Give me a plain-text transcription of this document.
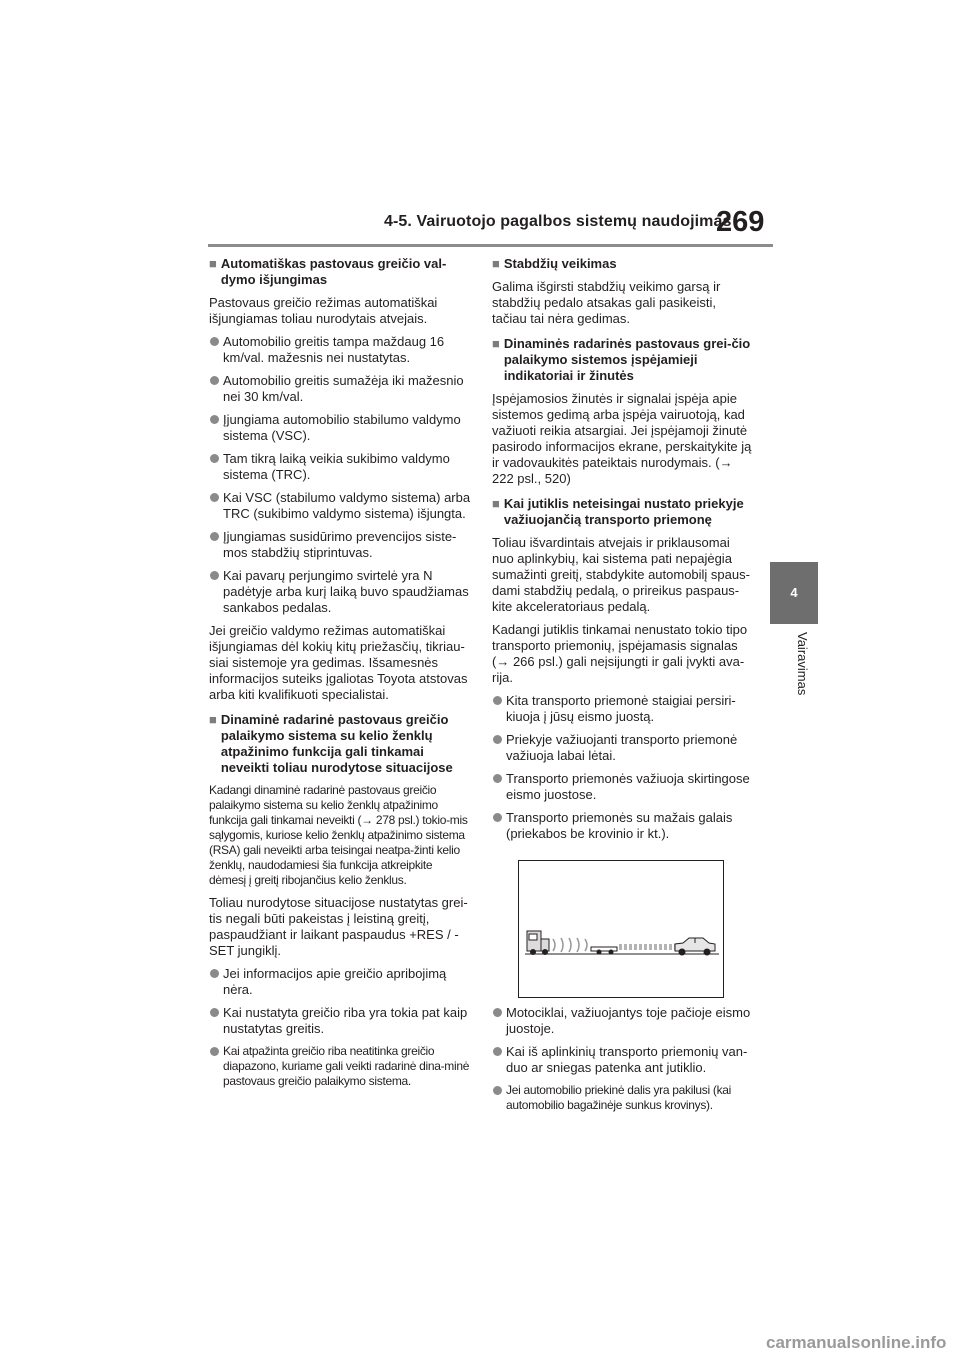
4-5. Vairuotojo pagalbos sistemų naudojimas
269
4
Vairavimas
■ Automatiškas pastovaus greičio val-dymo išjungimas
Pastovaus greičio režimas automatiškai išjungiamas toliau nurodytais atvejais.
Automobilio greitis tampa maždaug 16 km/val. mažesnis nei nustatytas.
Automobilio greitis sumažėja iki mažesnio nei 30 km/val.
Įjungiama automobilio stabilumo valdymo sistema (VSC).
Tam tikrą laiką veikia sukibimo valdymo sistema (TRC).
Kai VSC (stabilumo valdymo sistema) arba TRC (sukibimo valdymo sistema) išjungta.
Įjungiamas susidūrimo prevencijos siste-mos stabdžių stiprintuvas.
Kai pavarų perjungimo svirtelė yra N padėtyje arba kurį laiką buvo spaudžiamas sankabos pedalas.
Jei greičio valdymo režimas automatiškai išjungiamas dėl kokių kitų priežasčių, tikriau-siai sistemoje yra gedimas. Išsamesnės informacijos suteiks įgaliotas Toyota atstovas arba kiti kvalifikuoti specialistai.
■ Dinaminė radarinė pastovaus greičio palaikymo sistema su kelio ženklų atpažinimo funkcija gali tinkamai neveikti toliau nurodytose situacijose
Kadangi dinaminė radarinė pastovaus greičio palaikymo sistema su kelio ženklų atpažinimo funkcija gali tinkamai neveikti (→ 278 psl.) tokio-mis sąlygomis, kuriose kelio ženklų atpažinimo sistema (RSA) gali neveikti arba teisingai neatpa-žinti kelio ženklų, naudodamiesi šia funkcija atkreipkite dėmesį į greitį ribojančius kelio ženklus.
Toliau nurodytose situacijose nustatytas grei-tis negali būti pakeistas į leistiną greitį, paspaudžiant ir laikant paspaudus +RES / -SET jungiklį.
Jei informacijos apie greičio apribojimą nėra.
Kai nustatyta greičio riba yra tokia pat kaip nustatytas greitis.
Kai atpažinta greičio riba neatitinka greičio diapazono, kuriame gali veikti radarinė dina-minė pastovaus greičio palaikymo sistema.
■ Stabdžių veikimas
Galima išgirsti stabdžių veikimo garsą ir stabdžių pedalo atsakas gali pasikeisti, tačiau tai nėra gedimas.
■ Dinaminės radarinės pastovaus grei-čio palaikymo sistemos įspėjamieji indikatoriai ir žinutės
Įspėjamosios žinutės ir signalai įspėja apie sistemos gedimą arba įspėja vairuotoją, kad važiuoti reikia atsargiai. Jei įspėjamoji žinutė pasirodo informacijos ekrane, perskaitykite ją ir vadovaukitės pateiktais nurodymais. (→ 222 psl., 520)
■ Kai jutiklis neteisingai nustato priekyje važiuojančią transporto priemonę
Toliau išvardintais atvejais ir priklausomai nuo aplinkybių, kai sistema pati nepajėgia sumažinti greitį, stabdykite automobilį spaus-dami stabdžių pedalą, o prireikus paspaus-kite akceleratoriaus pedalą.
Kadangi jutiklis tinkamai nenustato tokio tipo transporto priemonių, įspėjamasis signalas (→ 266 psl.) gali neįsijungti ir gali įvykti ava-rija.
Kita transporto priemonė staigiai persiri-kiuoja į jūsų eismo juostą.
Priekyje važiuojanti transporto priemonė važiuoja labai lėtai.
Transporto priemonės važiuoja skirtingose eismo juostose.
Transporto priemonės su mažais galais (priekabos be krovinio ir kt.).
Motociklai, važiuojantys toje pačioje eismo juostoje.
Kai iš aplinkinių transporto priemonių van-duo ar sniegas patenka ant jutiklio.
Jei automobilio priekinė dalis yra pakilusi (kai automobilio bagažinėje sunkus krovinys).
carmanualsonline.info
